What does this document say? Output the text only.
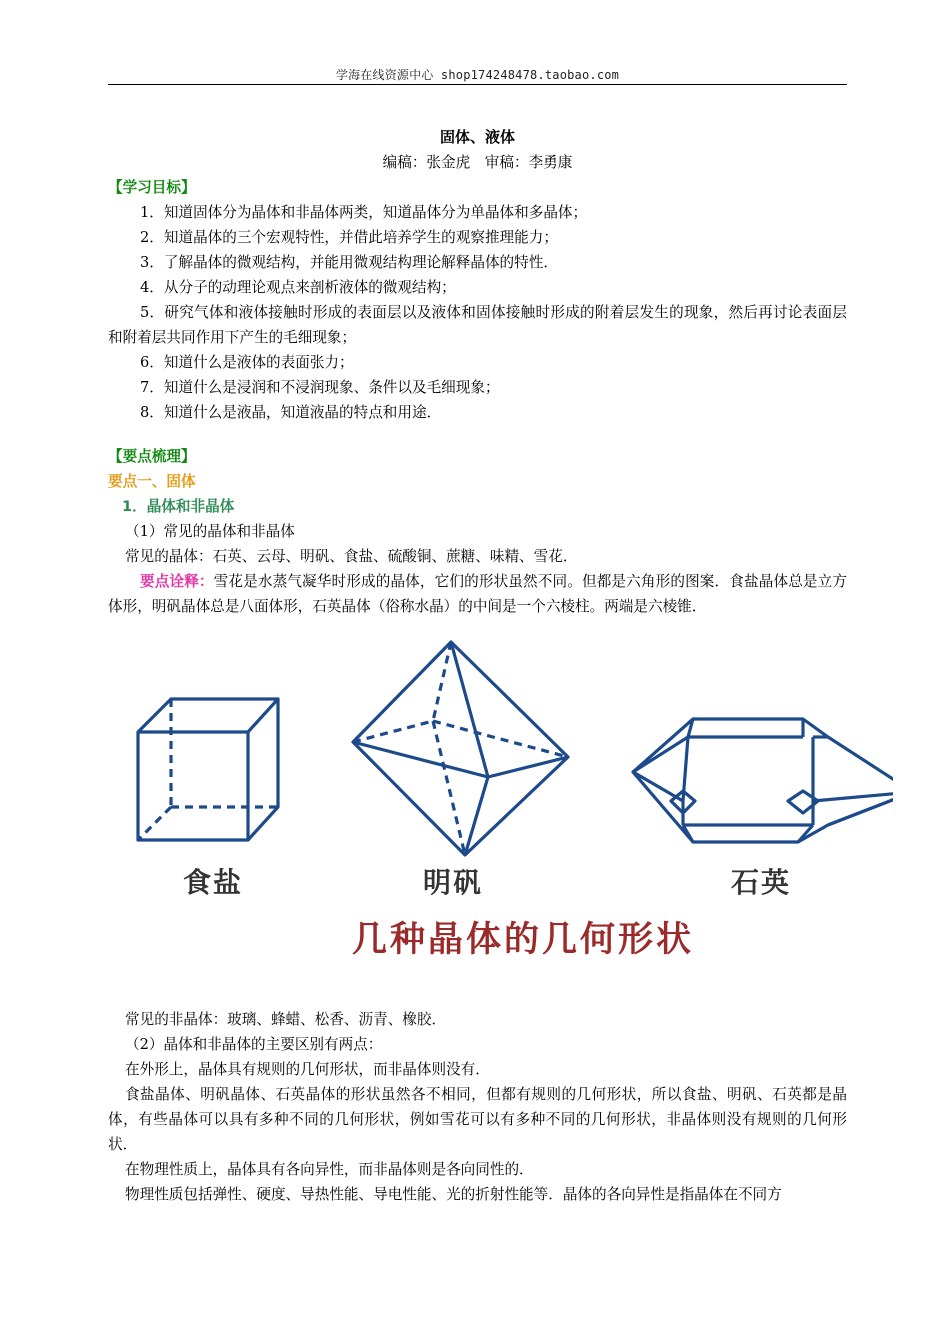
学海在线资源中心 shop174248478.taobao.com

固体、液体

编稿：张金虎　审稿：李勇康

【学习目标】

1．知道固体分为晶体和非晶体两类，知道晶体分为单晶体和多晶体；
2．知道晶体的三个宏观特性，并借此培养学生的观察推理能力；
3．了解晶体的微观结构，并能用微观结构理论解释晶体的特性．
4．从分子的动理论观点来剖析液体的微观结构；
5．研究气体和液体接触时形成的表面层以及液体和固体接触时形成的附着层发生的现象，然后再讨论表面层和附着层共同作用下产生的毛细现象；
6．知道什么是液体的表面张力；
7．知道什么是浸润和不浸润现象、条件以及毛细现象；
8．知道什么是液晶，知道液晶的特点和用途．

【要点梳理】

要点一、固体

1．晶体和非晶体

（1）常见的晶体和非晶体

常见的晶体：石英、云母、明矾、食盐、硫酸铜、蔗糖、味精、雪花．

要点诠释：雪花是水蒸气凝华时形成的晶体，它们的形状虽然不同。但都是六角形的图案．食盐晶体总是立方体形，明矾晶体总是八面体形，石英晶体（俗称水晶）的中间是一个六棱柱。两端是六棱锥．

食盐	明矾	石英
几种晶体的几何形状

常见的非晶体：玻璃、蜂蜡、松香、沥青、橡胶．

（2）晶体和非晶体的主要区别有两点：

在外形上，晶体具有规则的几何形状，而非晶体则没有．

食盐晶体、明矾晶体、石英晶体的形状虽然各不相同，但都有规则的几何形状，所以食盐、明矾、石英都是晶体，有些晶体可以具有多种不同的几何形状，例如雪花可以有多种不同的几何形状，非晶体则没有规则的几何形状．

在物理性质上，晶体具有各向异性，而非晶体则是各向同性的．

物理性质包括弹性、硬度、导热性能、导电性能、光的折射性能等．晶体的各向异性是指晶体在不同方
